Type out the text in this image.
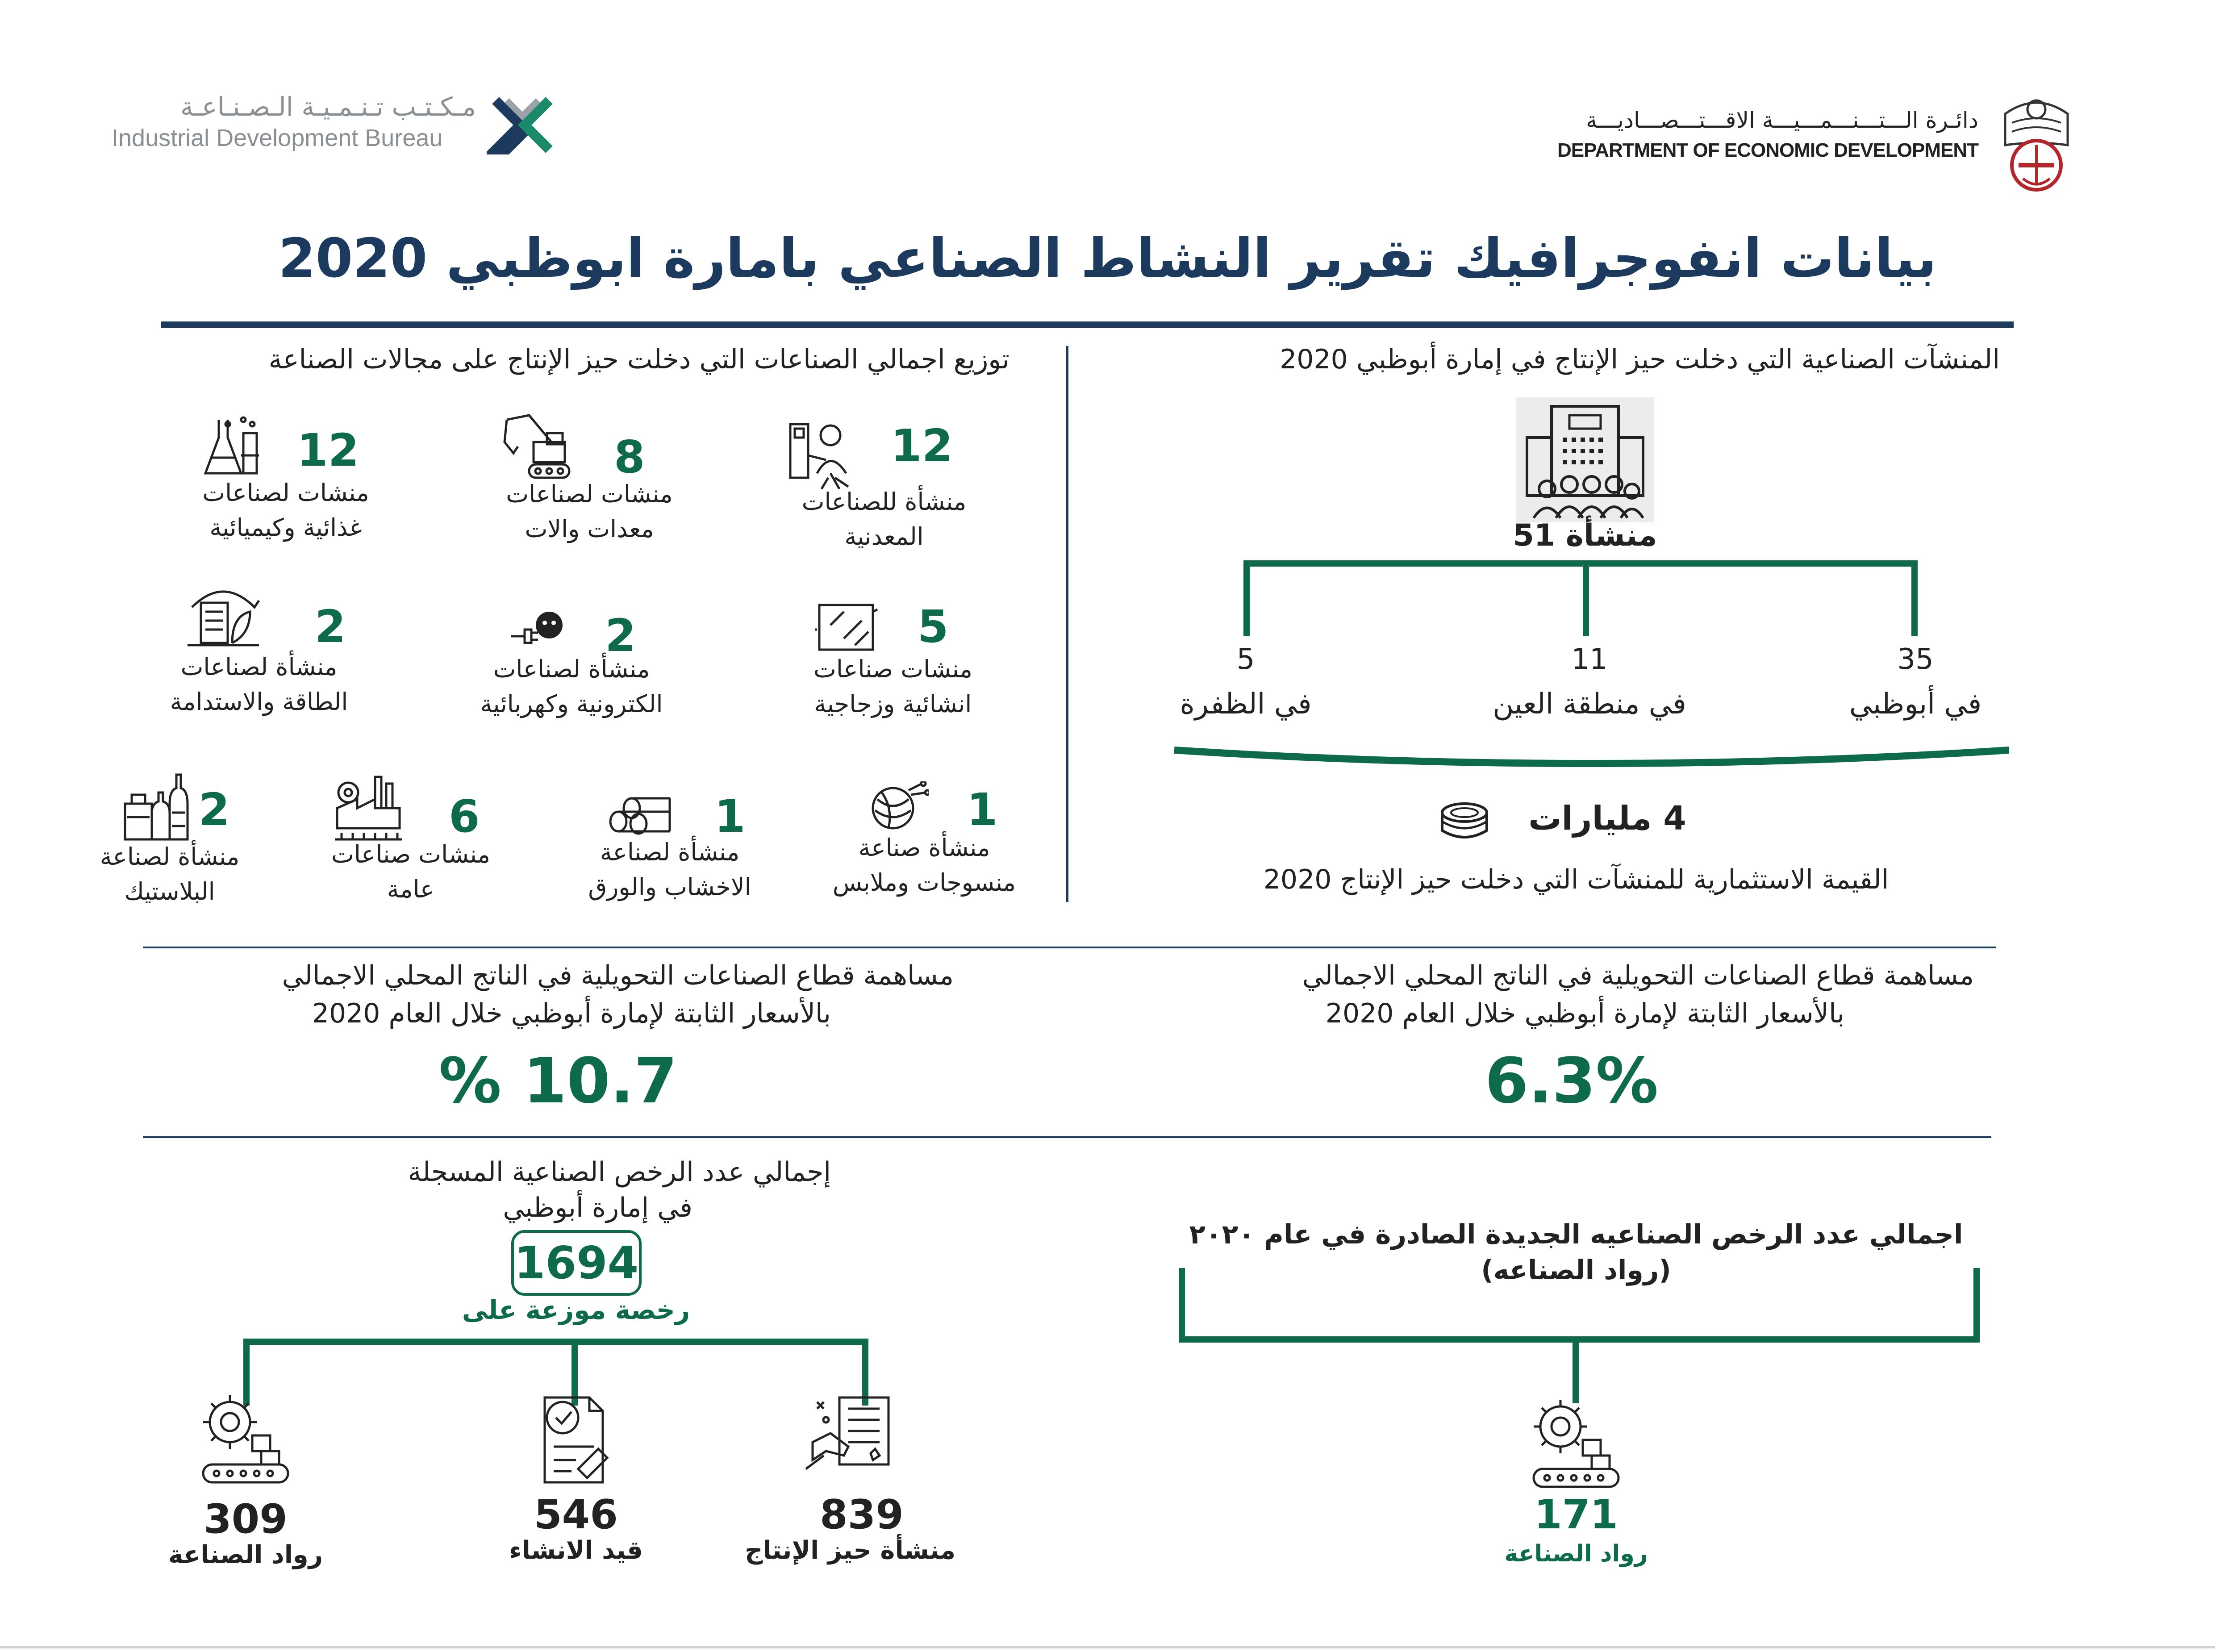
مـكـتـب تـنـمـيـة الـصـنـاعـة
Industrial Development Bureau
دائـرة الـــتـــنـــمـــيـــة الاقـــتـــصـــاديـــة
DEPARTMENT OF ECONOMIC DEVELOPMENT
بيانات انفوجرافيك تقرير النشاط الصناعي بامارة ابوظبي 2020
المنشآت الصناعية التي دخلت حيز الإنتاج في إمارة أبوظبي 2020
منشأة 51
35
في أبوظبي
11
في منطقة العين
5
في الظفرة
4 مليارات
القيمة الاستثمارية للمنشآت التي دخلت حيز الإنتاج 2020
توزيع اجمالي الصناعات التي دخلت حيز الإنتاج على مجالات الصناعة
12
منشأة للصناعات
المعدنية
8
منشات لصناعات
معدات والات
12
منشات لصناعات
غذائية وكيميائية
5
منشات صناعات
انشائية وزجاجية
2
منشأة لصناعات
الكترونية وكهربائية
2
منشأة لصناعات
الطاقة والاستدامة
1
منشأة صناعة
منسوجات وملابس
1
منشأة لصناعة
الاخشاب والورق
6
منشات صناعات
عامة
2
منشأة لصناعة
البلاستيك
مساهمة قطاع الصناعات التحويلية في الناتج المحلي الاجمالي
بالأسعار الثابتة لإمارة أبوظبي خلال العام 2020
6.3%
مساهمة قطاع الصناعات التحويلية في الناتج المحلي الاجمالي
بالأسعار الثابتة لإمارة أبوظبي خلال العام 2020
10.7 %
إجمالي عدد الرخص الصناعية المسجلة
في إمارة أبوظبي
1694
رخصة موزعة على
839
منشأة حيز الإنتاج
546
قيد الانشاء
309
رواد الصناعة
اجمالي عدد الرخص الصناعيه الجديدة الصادرة في عام ٢٠٢٠
(رواد الصناعه)
171
رواد الصناعة
